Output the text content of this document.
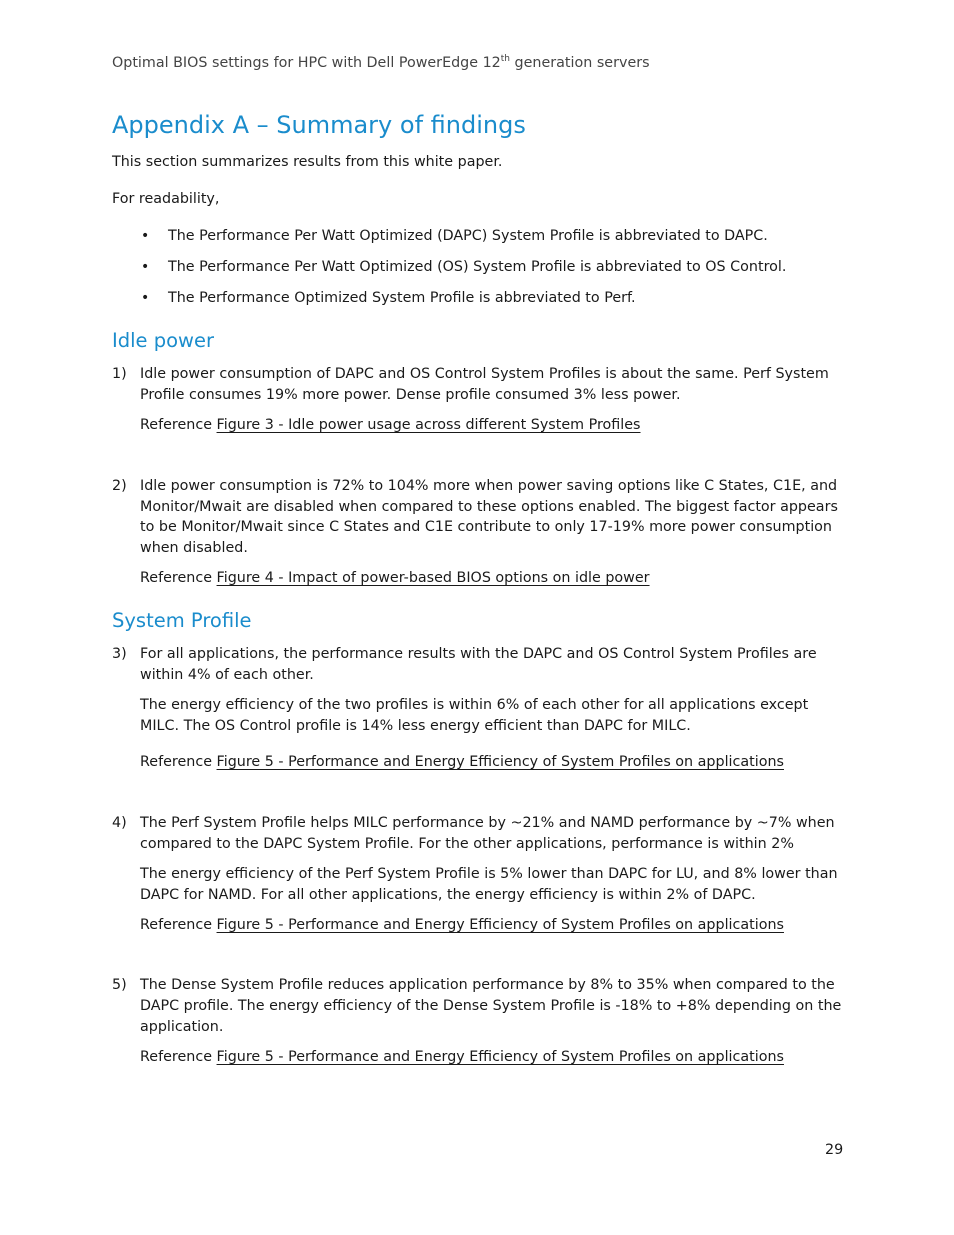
Optimal BIOS settings for HPC with Dell PowerEdge 12th generation servers
Appendix A – Summary of findings
This section summarizes results from this white paper.
For readability,
• The Performance Per Watt Optimized (DAPC) System Profile is abbreviated to DAPC.
• The Performance Per Watt Optimized (OS) System Profile is abbreviated to OS Control.
• The Performance Optimized System Profile is abbreviated to Perf.
Idle power
1) Idle power consumption of DAPC and OS Control System Profiles is about the same. Perf System
Profile consumes 19% more power. Dense profile consumed 3% less power.
Reference Figure 3 - Idle power usage across different System Profiles
2) Idle power consumption is 72% to 104% more when power saving options like C States, C1E, and
Monitor/Mwait are disabled when compared to these options enabled. The biggest factor appears
to be Monitor/Mwait since C States and C1E contribute to only 17-19% more power consumption
when disabled.
Reference Figure 4 - Impact of power-based BIOS options on idle power
System Profile
3) For all applications, the performance results with the DAPC and OS Control System Profiles are
within 4% of each other.
The energy efficiency of the two profiles is within 6% of each other for all applications except
MILC. The OS Control profile is 14% less energy efficient than DAPC for MILC.
Reference Figure 5 - Performance and Energy Efficiency of System Profiles on applications
4) The Perf System Profile helps MILC performance by ~21% and NAMD performance by ~7% when
compared to the DAPC System Profile. For the other applications, performance is within 2%
The energy efficiency of the Perf System Profile is 5% lower than DAPC for LU, and 8% lower than
DAPC for NAMD. For all other applications, the energy efficiency is within 2% of DAPC.
Reference Figure 5 - Performance and Energy Efficiency of System Profiles on applications
5) The Dense System Profile reduces application performance by 8% to 35% when compared to the
DAPC profile. The energy efficiency of the Dense System Profile is -18% to +8% depending on the
application.
Reference Figure 5 - Performance and Energy Efficiency of System Profiles on applications
29
